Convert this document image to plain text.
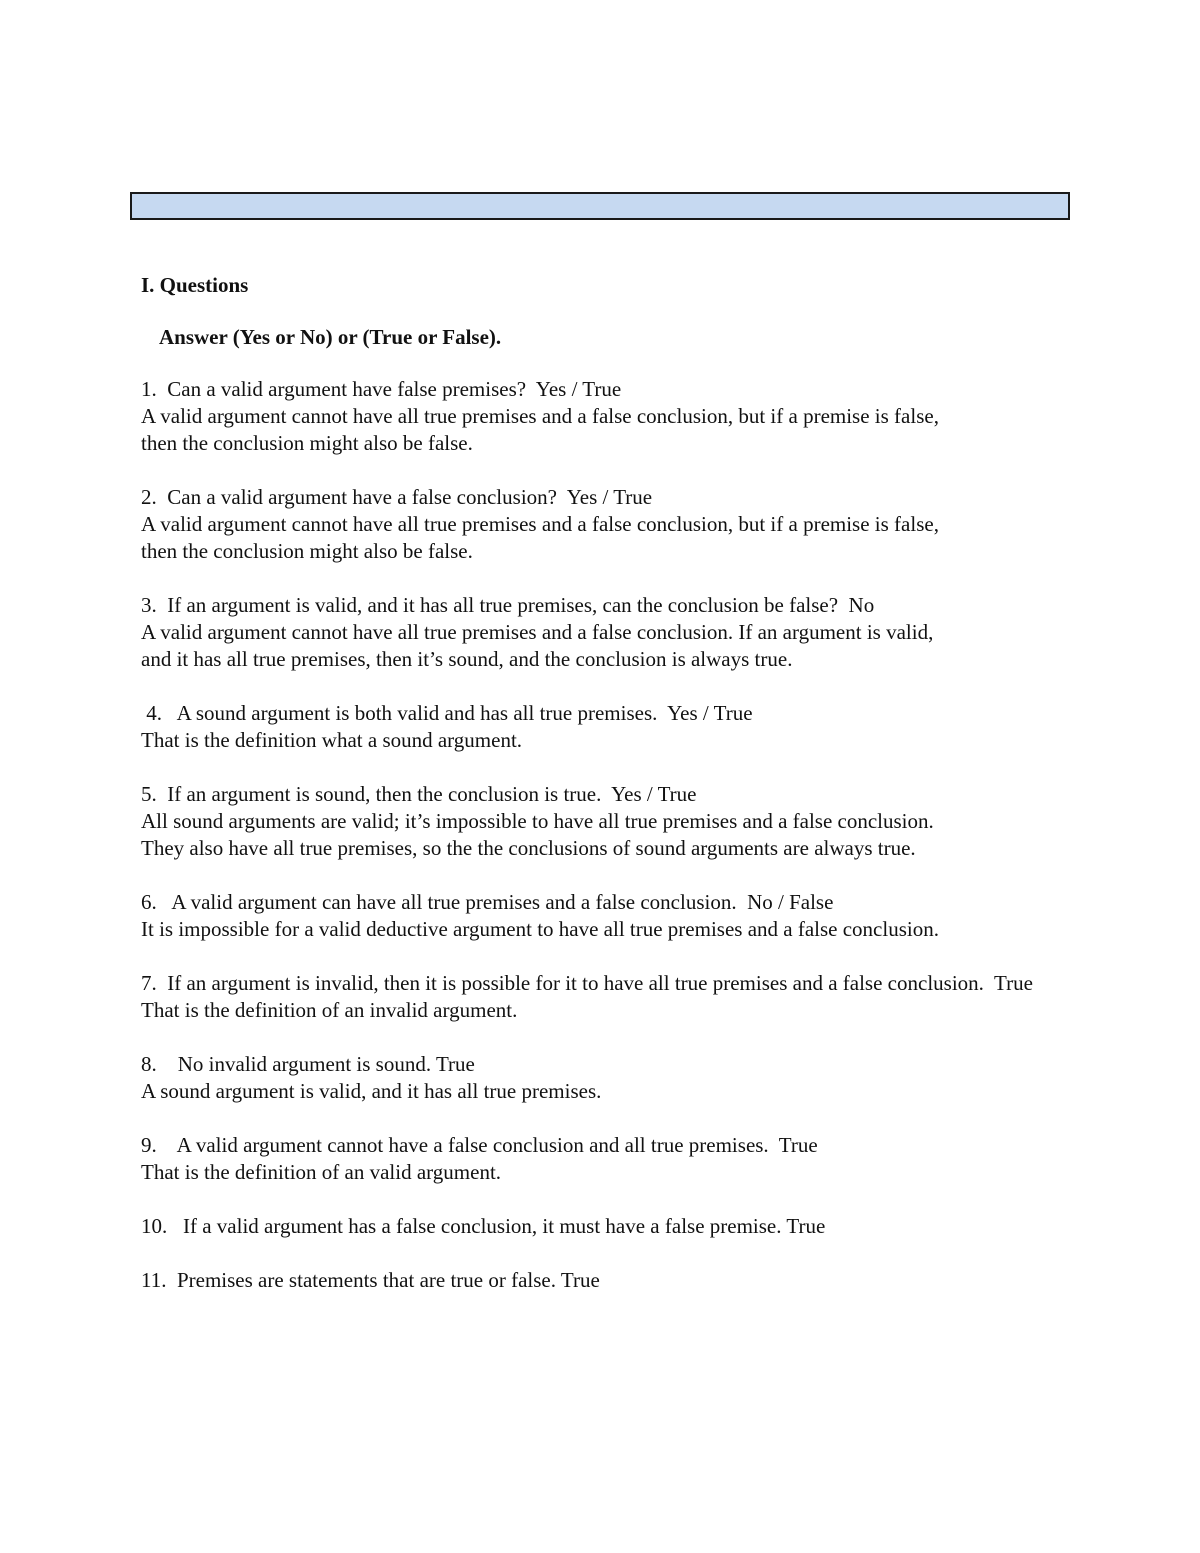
I. Questions
Answer (Yes or No) or (True or False).
1.  Can a valid argument have false premises?  Yes / True
A valid argument cannot have all true premises and a false conclusion, but if a premise is false,
then the conclusion might also be false.
2.  Can a valid argument have a false conclusion?  Yes / True
A valid argument cannot have all true premises and a false conclusion, but if a premise is false,
then the conclusion might also be false.
3.  If an argument is valid, and it has all true premises, can the conclusion be false?  No
A valid argument cannot have all true premises and a false conclusion. If an argument is valid,
and it has all true premises, then it’s sound, and the conclusion is always true.
4.   A sound argument is both valid and has all true premises.  Yes / True
That is the definition what a sound argument.
5.  If an argument is sound, then the conclusion is true.  Yes / True
All sound arguments are valid; it’s impossible to have all true premises and a false conclusion.
They also have all true premises, so the the conclusions of sound arguments are always true.
6.   A valid argument can have all true premises and a false conclusion.  No / False
It is impossible for a valid deductive argument to have all true premises and a false conclusion.
7.  If an argument is invalid, then it is possible for it to have all true premises and a false conclusion.  True
That is the definition of an invalid argument.
8.    No invalid argument is sound. True
A sound argument is valid, and it has all true premises.
9.    A valid argument cannot have a false conclusion and all true premises.  True
That is the definition of an valid argument.
10.   If a valid argument has a false conclusion, it must have a false premise. True
11.  Premises are statements that are true or false. True
